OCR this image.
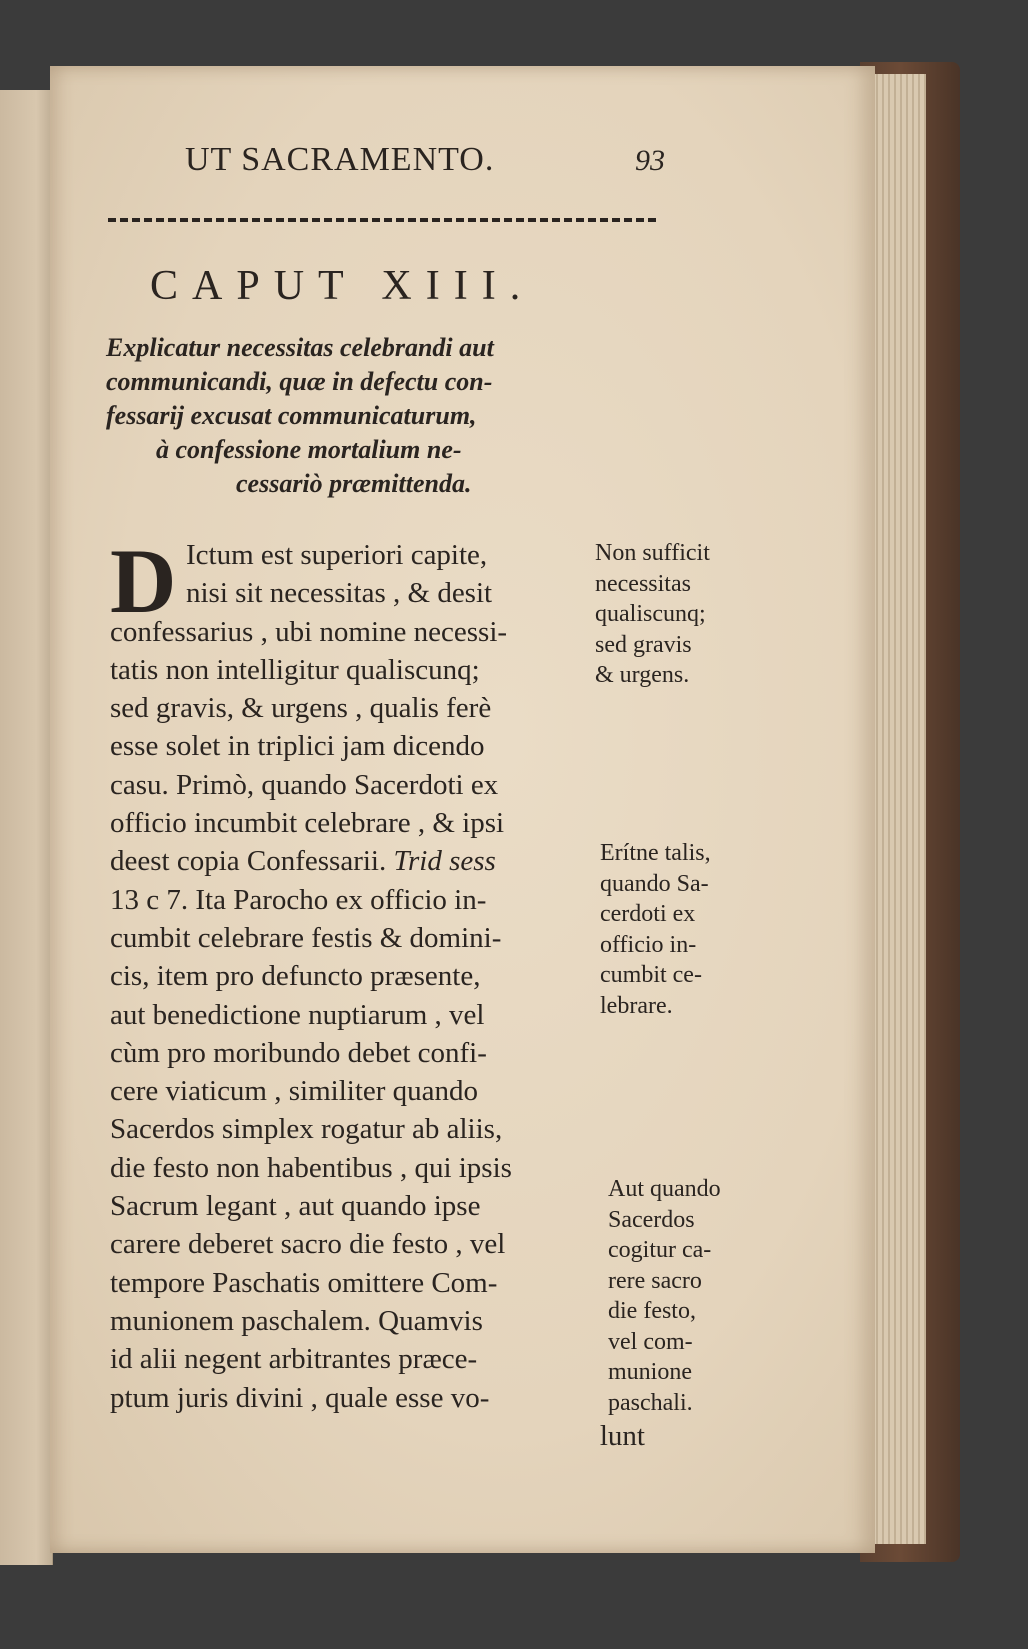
UT SACRAMENTO.	93
CAPUT XIII.
Explicatur necessitas celebrandi aut
communicandi, quæ in defectu con-
fessarij excusat communicaturum,
à confessione mortalium ne-
cessariò præmittenda.
D Ictum est superiori capite,
nisi sit necessitas , & desit
confessarius , ubi nomine necessi-
tatis non intelligitur qualiscunq;
sed gravis, & urgens , qualis ferè
esse solet in triplici jam dicendo
casu. Primò, quando Sacerdoti ex
officio incumbit celebrare , & ipsi
deest copia Confessarii. Trid sess
13 c 7. Ita Parocho ex officio in-
cumbit celebrare festis & domini-
cis, item pro defuncto præsente,
aut benedictione nuptiarum , vel
cùm pro moribundo debet confi-
cere viaticum , similiter quando
Sacerdos simplex rogatur ab aliis,
die festo non habentibus , qui ipsis
Sacrum legant , aut quando ipse
carere deberet sacro die festo , vel
tempore Paschatis omittere Com-
munionem paschalem. Quamvis
id alii negent arbitrantes præce-
ptum juris divini , quale esse vo-
lunt
Non sufficit
necessitas
qualiscunq;
sed gravis
& urgens.
Erítne talis,
quando Sa-
cerdoti ex
officio in-
cumbit ce-
lebrare.
Aut quando
Sacerdos
cogitur ca-
rere sacro
die festo,
vel com-
munione
paschali.
